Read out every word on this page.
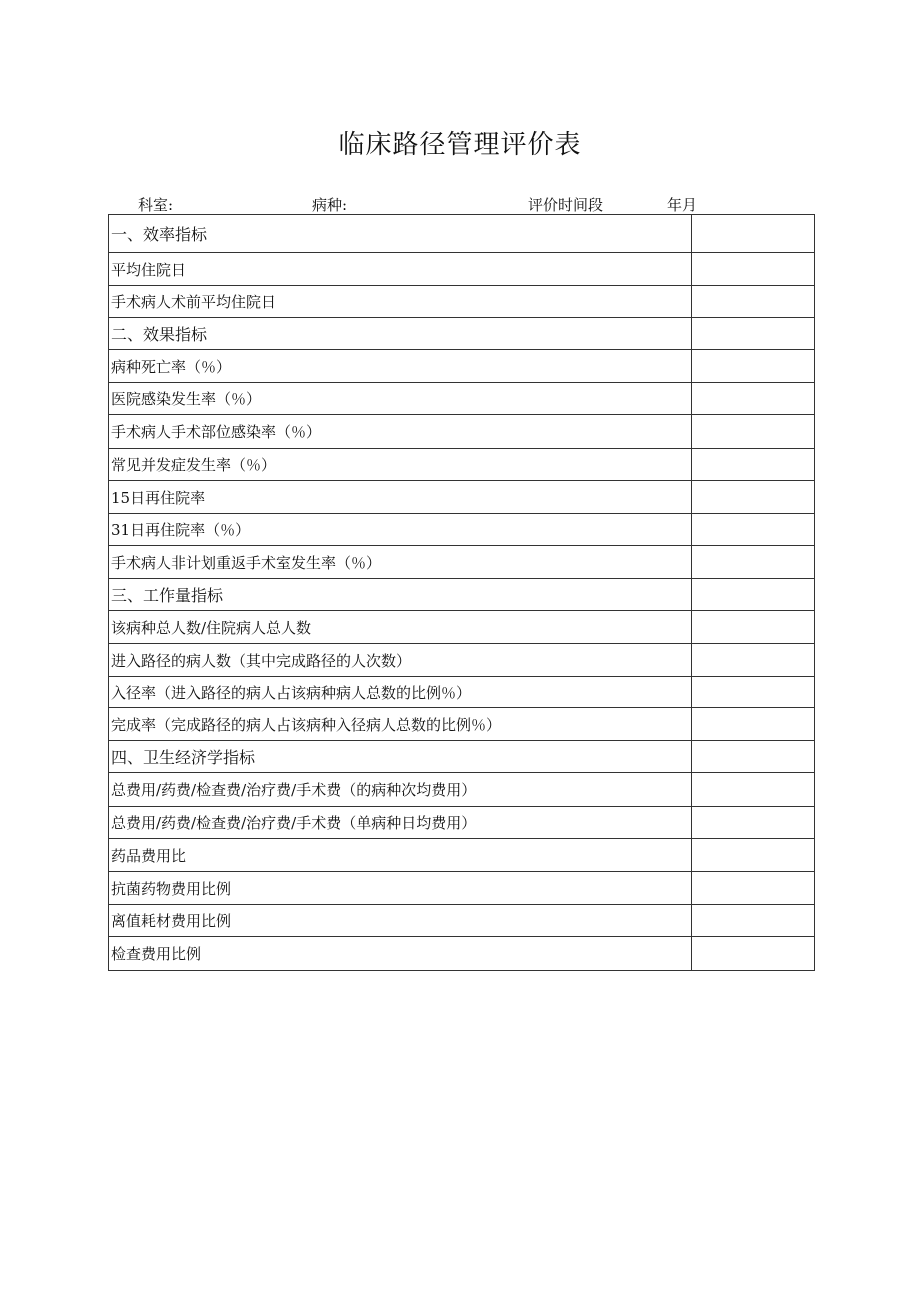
临床路径管理评价表
科室:	病种:	评价时间段	年月
一、效率指标	
平均住院日	
手术病人术前平均住院日	
二、效果指标	
病种死亡率（％）	
医院感染发生率（％）	
手术病人手术部位感染率（％）	
常见并发症发生率（％）	
15日再住院率	
31日再住院率（％）	
手术病人非计划重返手术室发生率（％）	
三、工作量指标	
该病种总人数/住院病人总人数	
进入路径的病人数（其中完成路径的人次数）	
入径率（进入路径的病人占该病种病人总数的比例％）	
完成率（完成路径的病人占该病种入径病人总数的比例％）	
四、卫生经济学指标	
总费用/药费/检查费/治疗费/手术费（的病种次均费用）	
总费用/药费/检查费/治疗费/手术费（单病种日均费用）	
药品费用比	
抗菌药物费用比例	
离值耗材费用比例	
检查费用比例	
